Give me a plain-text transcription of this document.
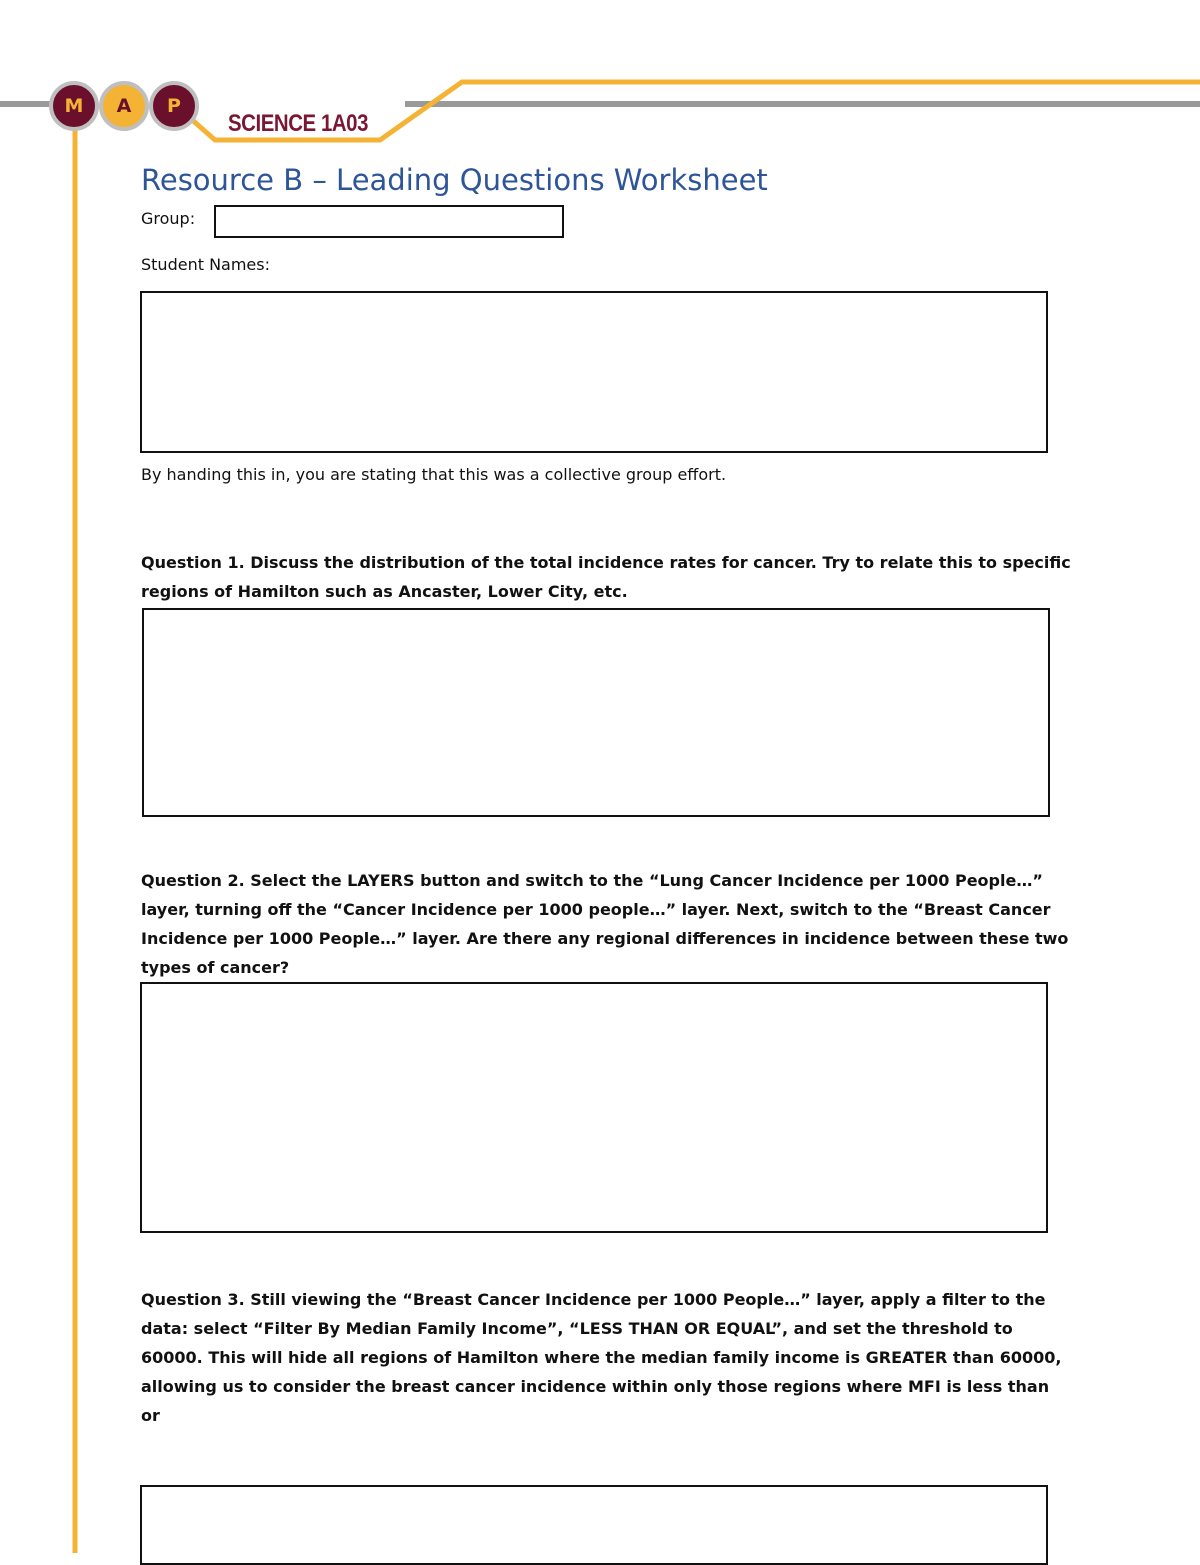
M	A	P
SCIENCE 1A03
Resource B – Leading Questions Worksheet
Group:
Student Names:
By handing this in, you are stating that this was a collective group effort.
Question 1. Discuss the distribution of the total incidence rates for cancer. Try to relate this to specific regions of Hamilton such as Ancaster, Lower City, etc.
Question 2. Select the LAYERS button and switch to the “Lung Cancer Incidence per 1000 People…” layer, turning off the “Cancer Incidence per 1000 people…” layer. Next, switch to the “Breast Cancer Incidence per 1000 People…” layer. Are there any regional differences in incidence between these two types of cancer?
Question 3. Still viewing the “Breast Cancer Incidence per 1000 People…” layer, apply a filter to the data: select “Filter By Median Family Income”, “LESS THAN OR EQUAL”, and set the threshold to 60000. This will hide all regions of Hamilton where the median family income is GREATER than 60000, allowing us to consider the breast cancer incidence within only those regions where MFI is less than or
